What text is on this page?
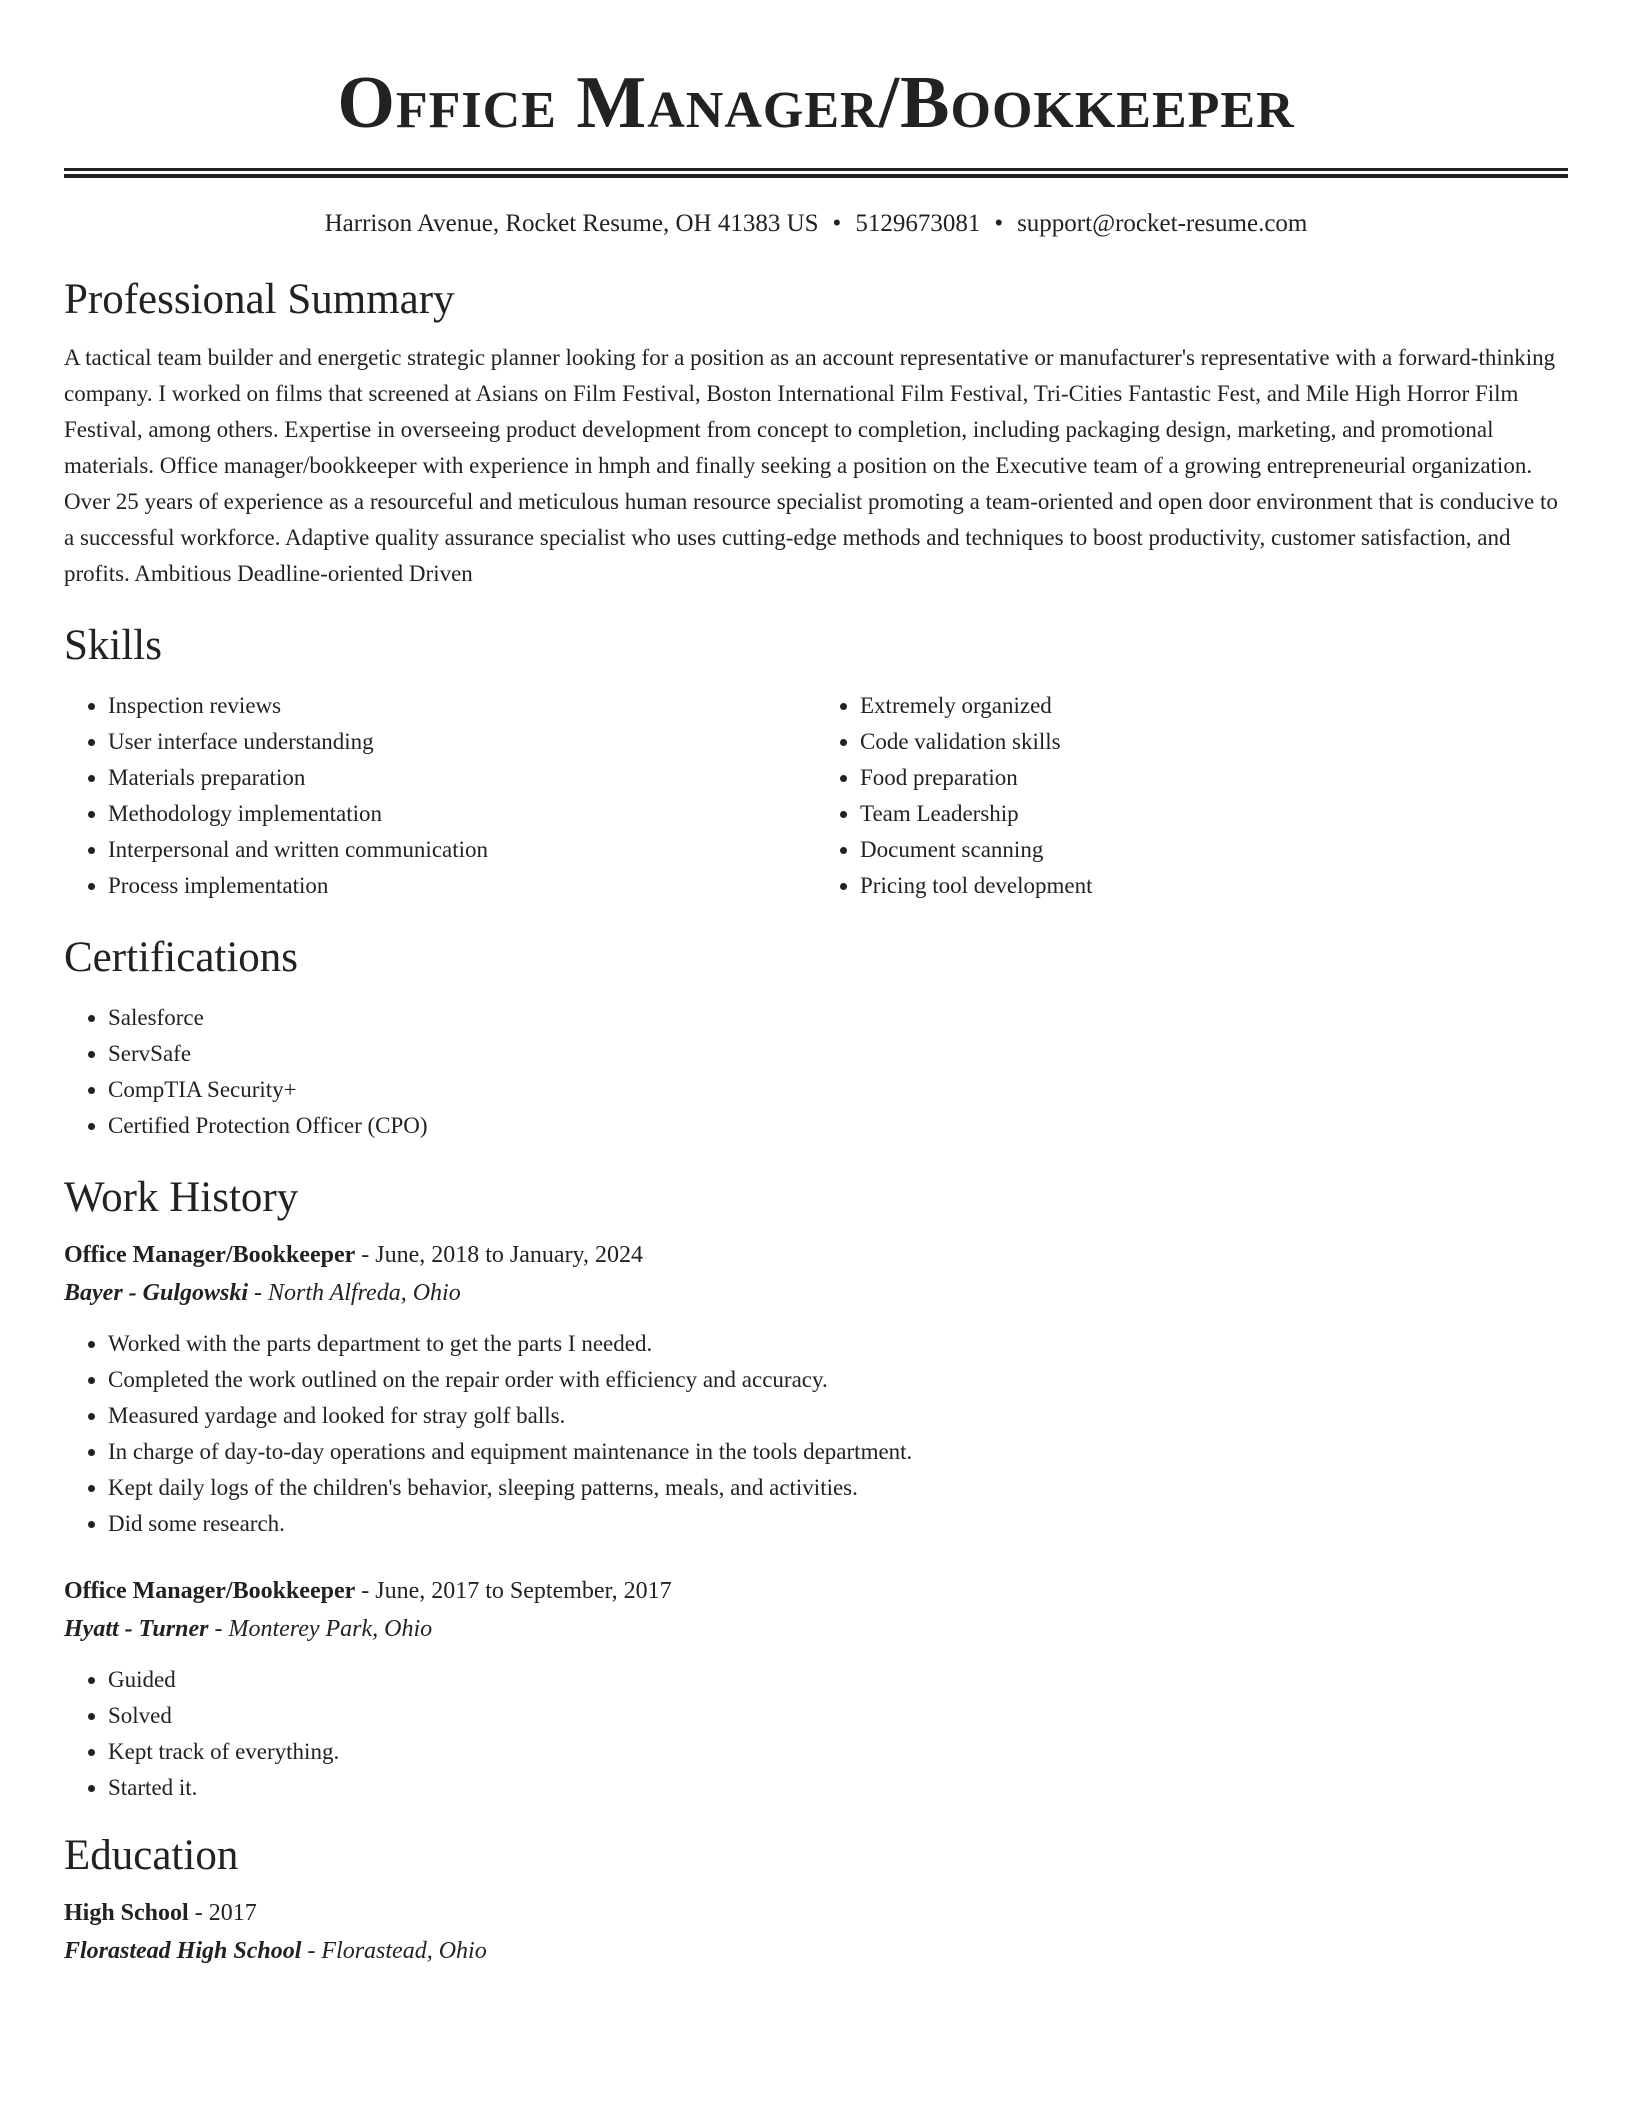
Office Manager/Bookkeeper
Harrison Avenue, Rocket Resume, OH 41383 US • 5129673081 • support@rocket-resume.com
Professional Summary

A tactical team builder and energetic strategic planner looking for a position as an account representative or manufacturer's representative with a forward-thinking company. I worked on films that screened at Asians on Film Festival, Boston International Film Festival, Tri-Cities Fantastic Fest, and Mile High Horror Film Festival, among others. Expertise in overseeing product development from concept to completion, including packaging design, marketing, and promotional materials. Office manager/bookkeeper with experience in hmph and finally seeking a position on the Executive team of a growing entrepreneurial organization. Over 25 years of experience as a resourceful and meticulous human resource specialist promoting a team-oriented and open door environment that is conducive to a successful workforce. Adaptive quality assurance specialist who uses cutting-edge methods and techniques to boost productivity, customer satisfaction, and profits. Ambitious Deadline-oriented Driven

Skills
• Inspection reviews
• User interface understanding
• Materials preparation
• Methodology implementation
• Interpersonal and written communication
• Process implementation
• Extremely organized
• Code validation skills
• Food preparation
• Team Leadership
• Document scanning
• Pricing tool development
Certifications
• Salesforce
• ServSafe
• CompTIA Security+
• Certified Protection Officer (CPO)
Work History
Office Manager/Bookkeeper - June, 2018 to January, 2024
Bayer - Gulgowski - North Alfreda, Ohio
• Worked with the parts department to get the parts I needed.
• Completed the work outlined on the repair order with efficiency and accuracy.
• Measured yardage and looked for stray golf balls.
• In charge of day-to-day operations and equipment maintenance in the tools department.
• Kept daily logs of the children's behavior, sleeping patterns, meals, and activities.
• Did some research.
Office Manager/Bookkeeper - June, 2017 to September, 2017
Hyatt - Turner - Monterey Park, Ohio
• Guided
• Solved
• Kept track of everything.
• Started it.
Education
High School - 2017
Florastead High School - Florastead, Ohio
